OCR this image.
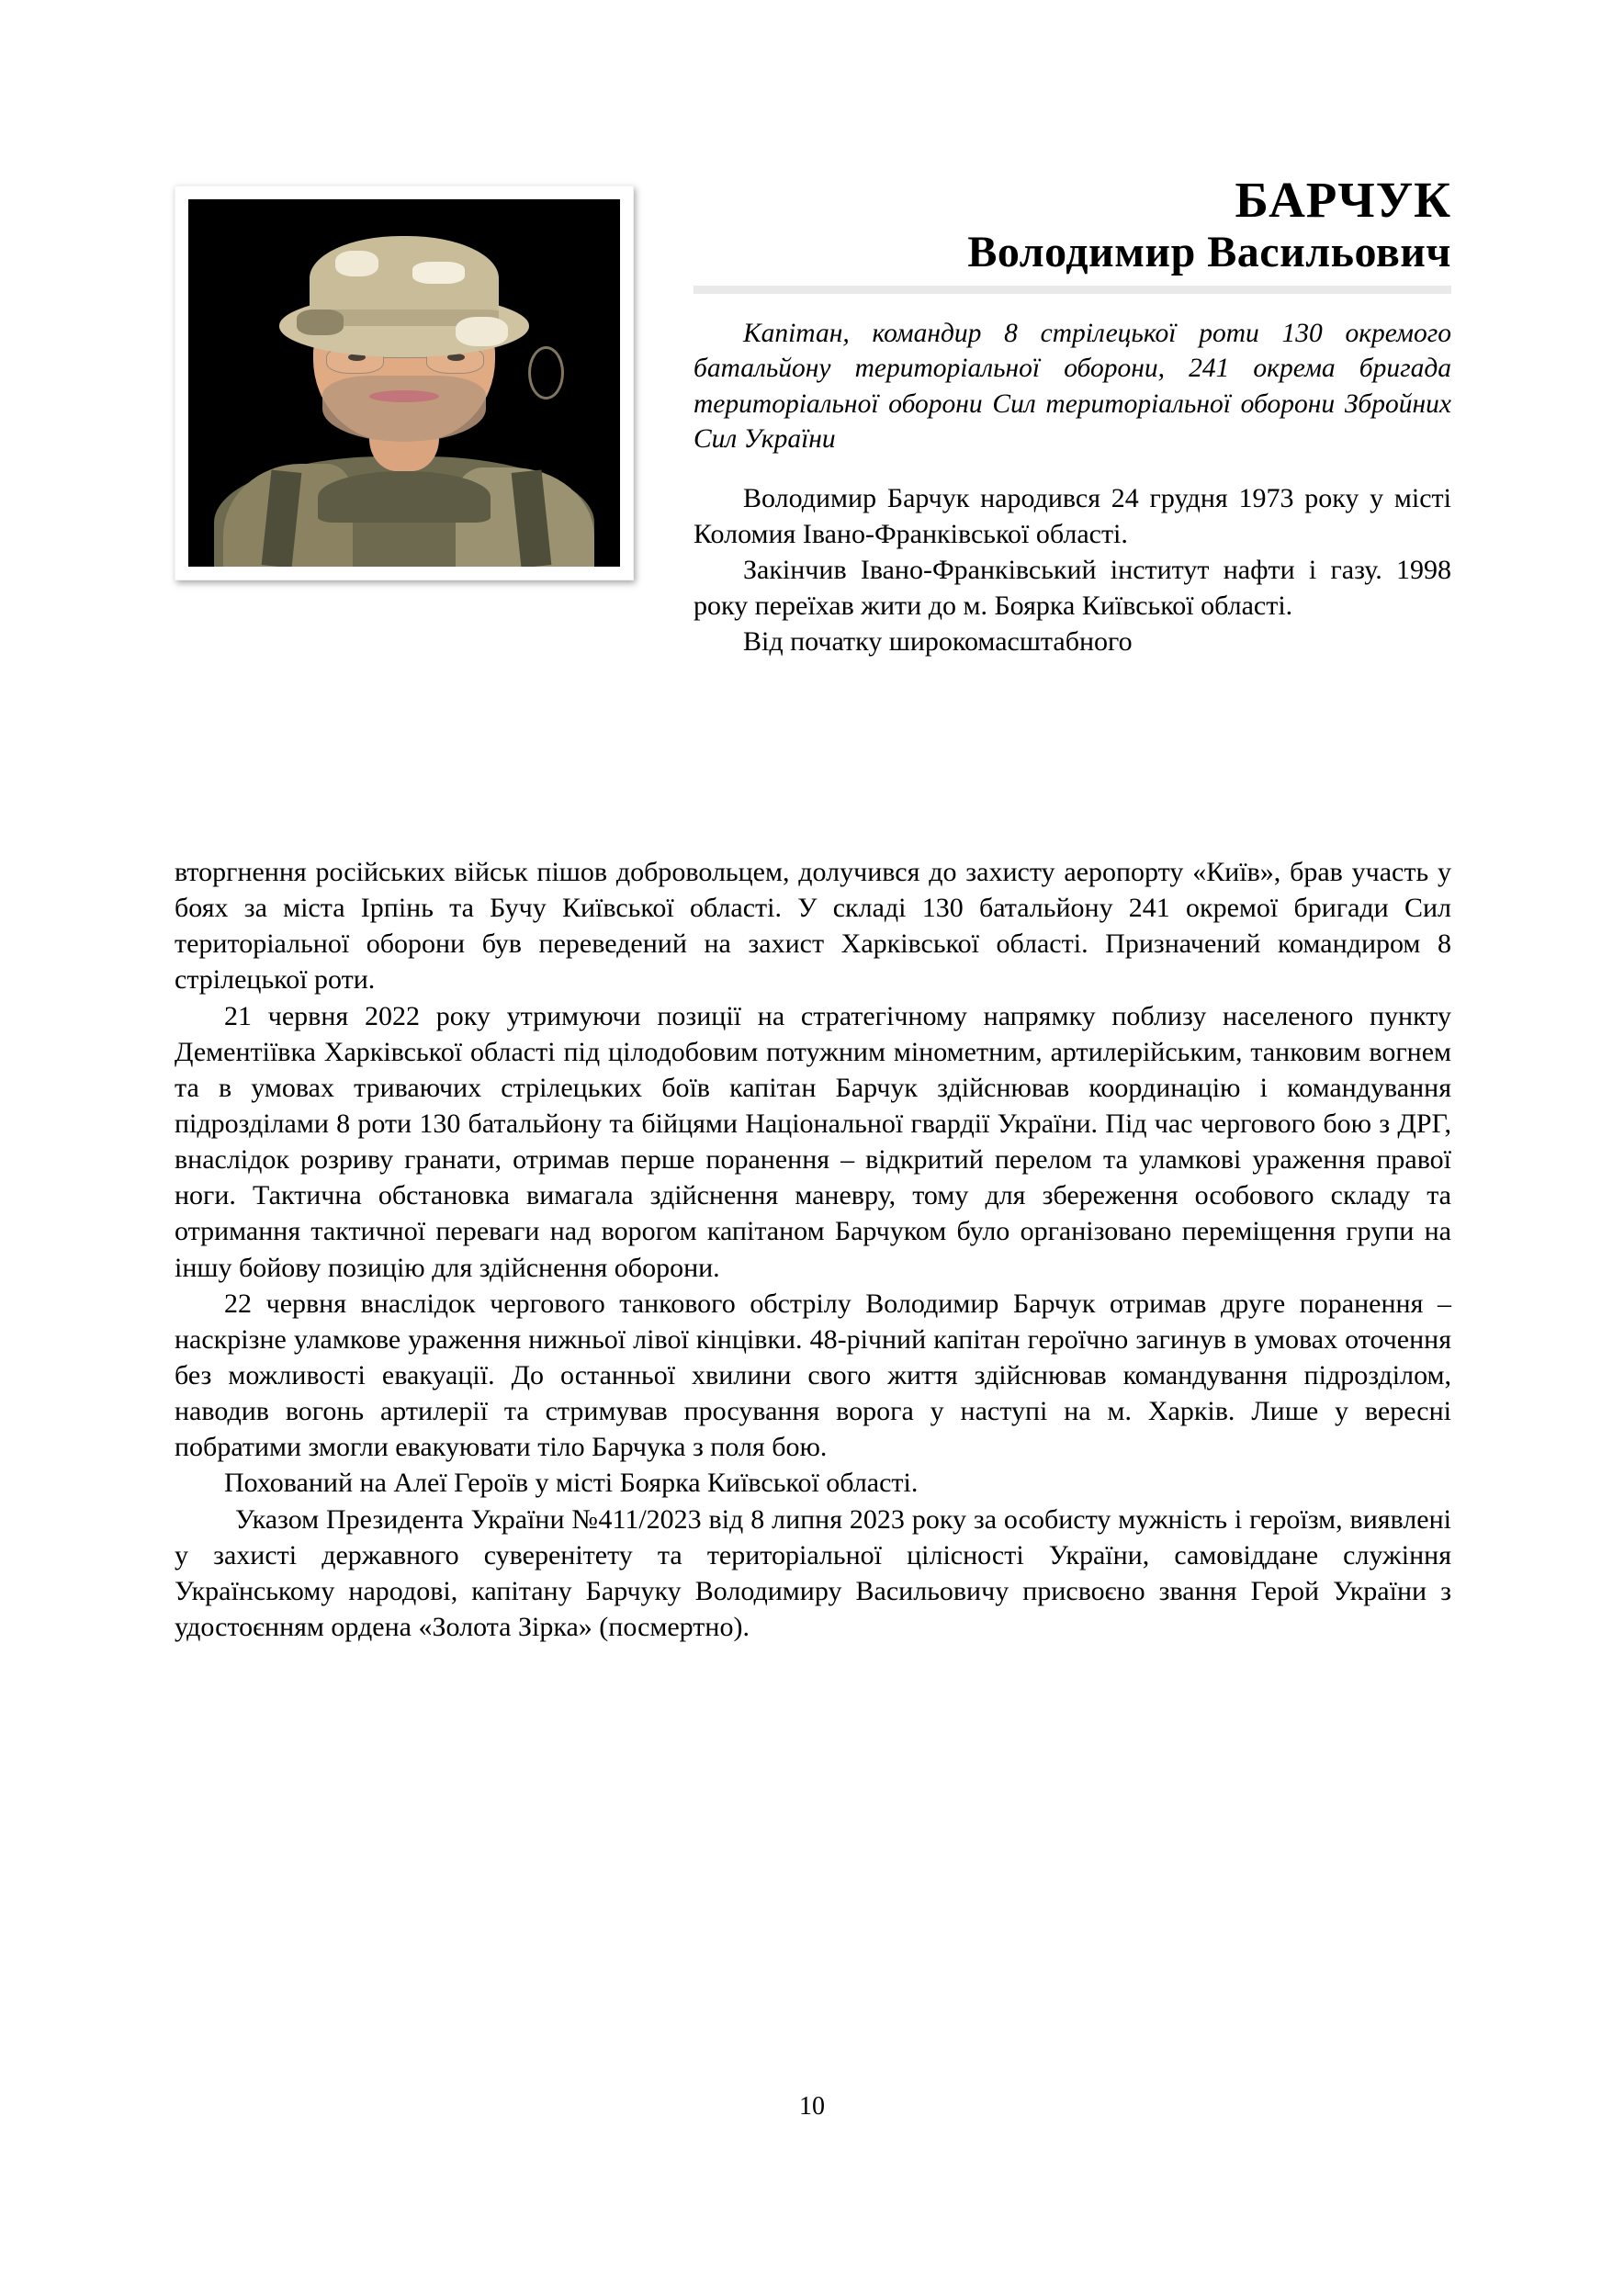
БАРЧУК
Володимир Васильович
Капітан, командир 8 стрілецької роти 130 окремого батальйону територіальної оборони, 241 окрема бригада територіальної оборони Сил територіальної оборони Збройних Сил України

Володимир Барчук народився 24 грудня 1973 року у місті Коломия Івано-Франківської області.

Закінчив Івано-Франківський інститут нафти і газу. 1998 року переїхав жити до м. Боярка Київської області.

Від початку широкомасштабного

вторгнення російських військ пішов добровольцем, долучився до захисту аеропорту «Київ», брав участь у боях за міста Ірпінь та Бучу Київської області. У складі 130 батальйону 241 окремої бригади Сил територіальної оборони був переведений на захист Харківської області. Призначений командиром 8 стрілецької роти.

21 червня 2022 року утримуючи позиції на стратегічному напрямку поблизу населеного пункту Дементіївка Харківської області під цілодобовим потужним мінометним, артилерійським, танковим вогнем та в умовах триваючих стрілецьких боїв капітан Барчук здійснював координацію і командування підрозділами 8 роти 130 батальйону та бійцями Національної гвардії України. Під час чергового бою з ДРГ, внаслідок розриву гранати, отримав перше поранення – відкритий перелом та уламкові ураження правої ноги. Тактична обстановка вимагала здійснення маневру, тому для збереження особового складу та отримання тактичної переваги над ворогом капітаном Барчуком було організовано переміщення групи на іншу бойову позицію для здійснення оборони.

22 червня внаслідок чергового танкового обстрілу Володимир Барчук отримав друге поранення – наскрізне уламкове ураження нижньої лівої кінцівки. 48-річний капітан героїчно загинув в умовах оточення без можливості евакуації. До останньої хвилини свого життя здійснював командування підрозділом, наводив вогонь артилерії та стримував просування ворога у наступі на м. Харків. Лише у вересні побратими змогли евакуювати тіло Барчука з поля бою.

Похований на Алеї Героїв у місті Боярка Київської області.

Указом Президента України №411/2023 від 8 липня 2023 року за особисту мужність і героїзм, виявлені у захисті державного суверенітету та територіальної цілісності України, самовіддане служіння Українському народові, капітану Барчуку Володимиру Васильовичу присвоєно звання Герой України з удостоєнням ордена «Золота Зірка» (посмертно).

10
